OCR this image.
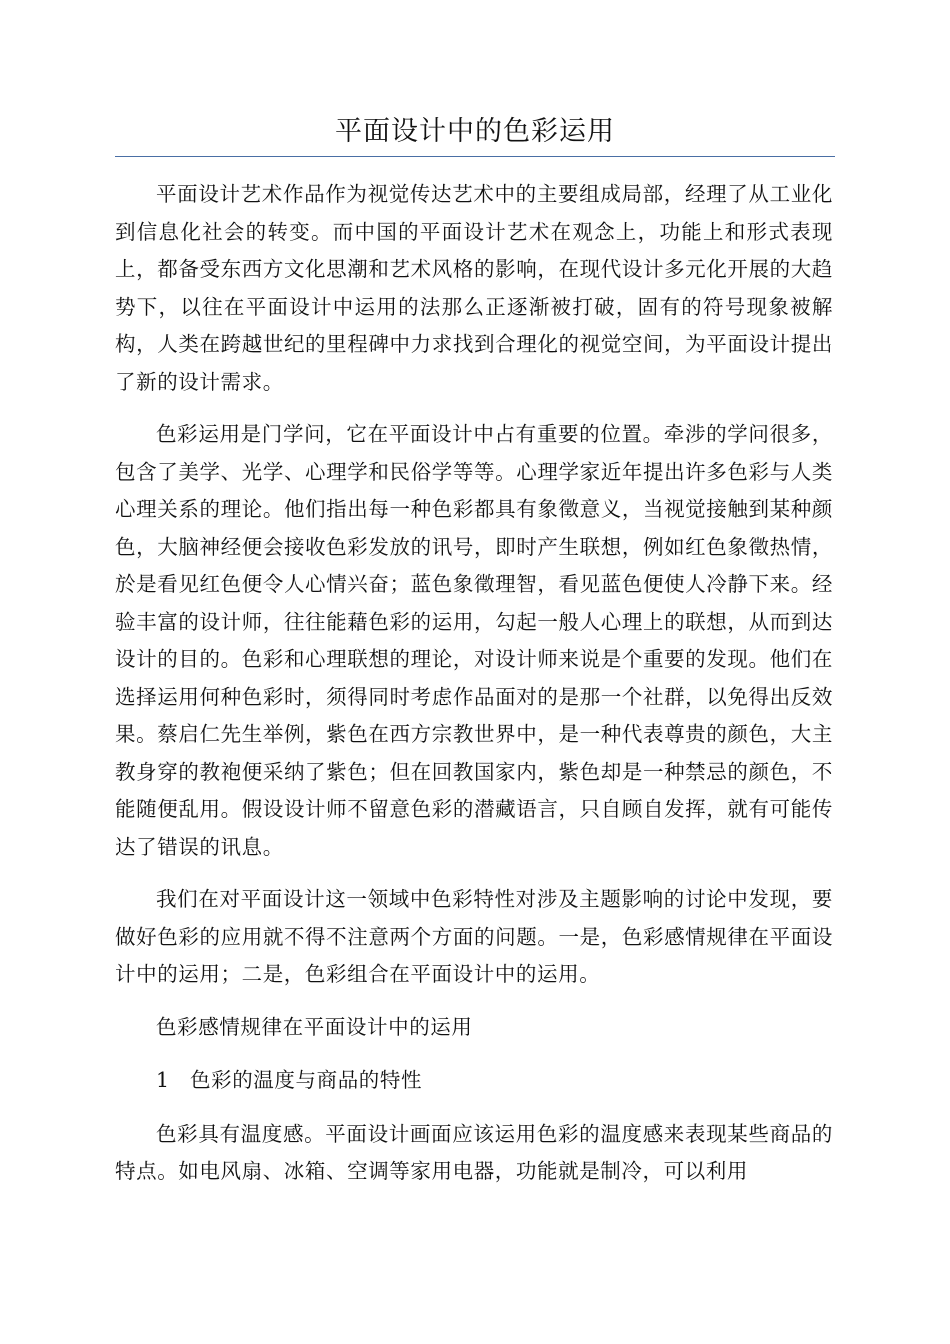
平面设计中的色彩运用

平面设计艺术作品作为视觉传达艺术中的主要组成局部，经理了从工业化到信息化社会的转变。而中国的平面设计艺术在观念上，功能上和形式表现上，都备受东西方文化思潮和艺术风格的影响，在现代设计多元化开展的大趋势下，以往在平面设计中运用的法那么正逐渐被打破，固有的符号现象被解构，人类在跨越世纪的里程碑中力求找到合理化的视觉空间，为平面设计提出了新的设计需求。

色彩运用是门学问，它在平面设计中占有重要的位置。牵涉的学问很多，包含了美学、光学、心理学和民俗学等等。心理学家近年提出许多色彩与人类心理关系的理论。他们指出每一种色彩都具有象徵意义，当视觉接触到某种颜色，大脑神经便会接收色彩发放的讯号，即时产生联想，例如红色象徵热情，於是看见红色便令人心情兴奋；蓝色象徵理智，看见蓝色便使人冷静下来。经验丰富的设计师，往往能藉色彩的运用，勾起一般人心理上的联想，从而到达设计的目的。色彩和心理联想的理论，对设计师来说是个重要的发现。他们在选择运用何种色彩时，须得同时考虑作品面对的是那一个社群，以免得出反效果。蔡启仁先生举例，紫色在西方宗教世界中，是一种代表尊贵的颜色，大主教身穿的教袍便采纳了紫色；但在回教国家内，紫色却是一种禁忌的颜色，不能随便乱用。假设设计师不留意色彩的潜藏语言，只自顾自发挥，就有可能传达了错误的讯息。

我们在对平面设计这一领域中色彩特性对涉及主题影响的讨论中发现，要做好色彩的应用就不得不注意两个方面的问题。一是，色彩感情规律在平面设计中的运用；二是，色彩组合在平面设计中的运用。

色彩感情规律在平面设计中的运用

1 色彩的温度与商品的特性

色彩具有温度感。平面设计画面应该运用色彩的温度感来表现某些商品的特点。如电风扇、冰箱、空调等家用电器，功能就是制冷，可以利用
